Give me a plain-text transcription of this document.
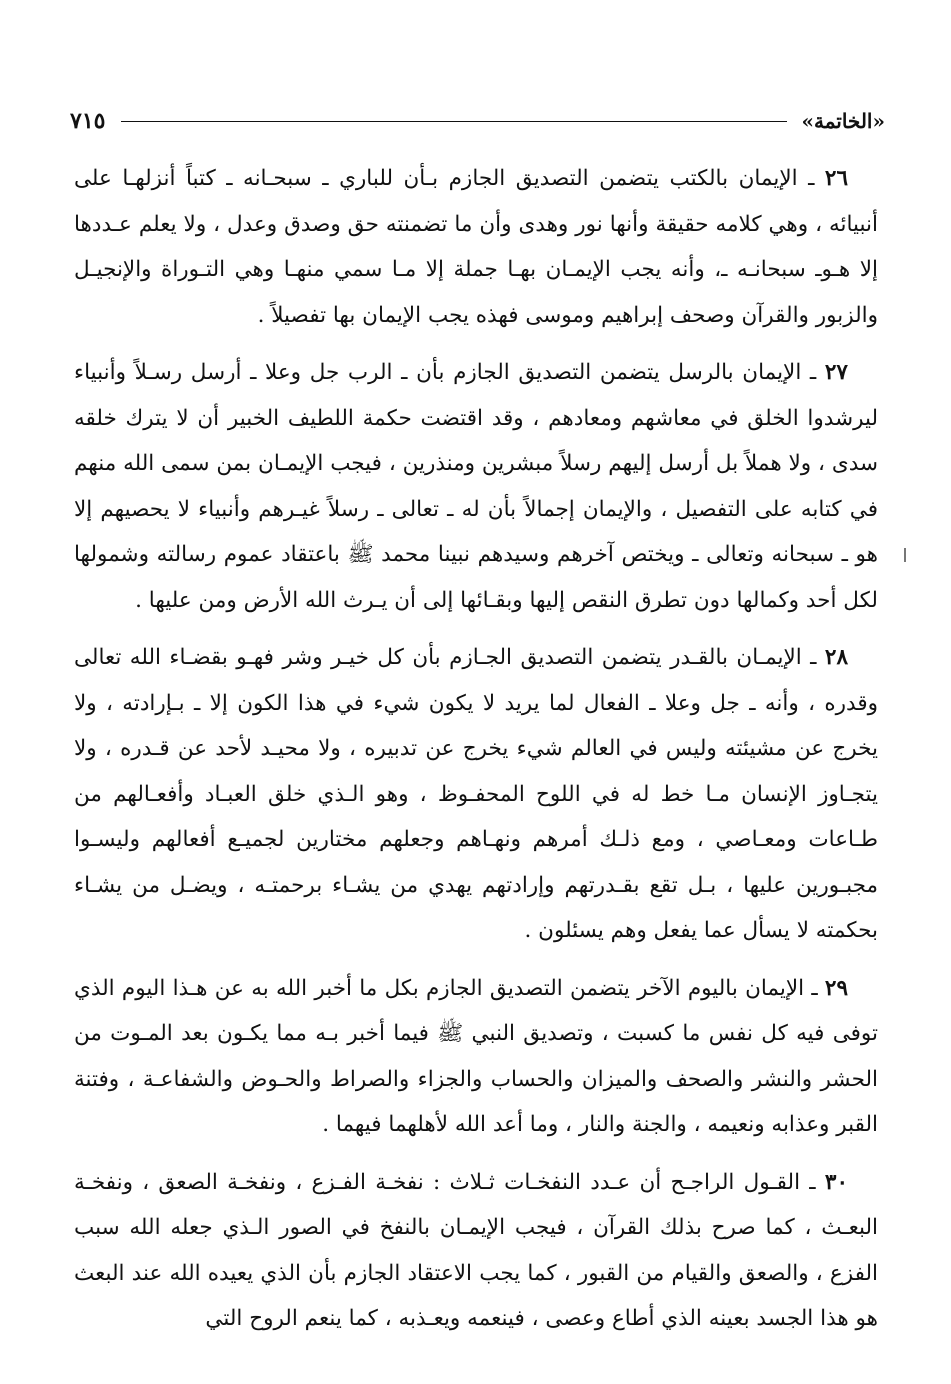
«الخاتمة»
٧١٥

٢٦ ـ الإيمان بالكتب يتضمن التصديق الجازم بـأن للباري ـ سبحـانه ـ كتباً أنزلهـا على أنبيائه ، وهي كلامه حقيقة وأنها نور وهدى وأن ما تضمنته حق وصدق وعدل ، ولا يعلم عـددها إلا هـوـ سبحانـه ـ، وأنه يجب الإيمـان بهـا جملة إلا مـا سمي منهـا وهي التـوراة والإنجيـل والزبور والقرآن وصحف إبراهيم وموسى فهذه يجب الإيمان بها تفصيلاً .

٢٧ ـ الإيمان بالرسل يتضمن التصديق الجازم بأن ـ الرب جل وعلا ـ أرسل رسـلاً وأنبياء ليرشدوا الخلق في معاشهم ومعادهم ، وقد اقتضت حكمة اللطيف الخبير أن لا يترك خلقه سدى ، ولا هملاً بل أرسل إليهم رسلاً مبشرين ومنذرين ، فيجب الإيمـان بمن سمى الله منهم في كتابه على التفصيل ، والإيمان إجمالاً بأن له ـ تعالى ـ رسلاً غيـرهم وأنبياء لا يحصيهم إلا هو ـ سبحانه وتعالى ـ ويختص آخرهم وسيدهم نبينا محمد ﷺ باعتقاد عموم رسالته وشمولها لكل أحد وكمالها دون تطرق النقص إليها وبقـائها إلى أن يـرث الله الأرض ومن عليها .

٢٨ ـ الإيمـان بالقـدر يتضمن التصديق الجـازم بأن كل خيـر وشر فهـو بقضـاء الله تعالى وقدره ، وأنه ـ جل وعلا ـ الفعال لما يريد لا يكون شيء في هذا الكون إلا ـ بـإرادته ، ولا يخرج عن مشيئته وليس في العالم شيء يخرج عن تدبيره ، ولا محيـد لأحد عن قـدره ، ولا يتجـاوز الإنسان مـا خط له في اللوح المحفـوظ ، وهو الـذي خلق العبـاد وأفعـالهم من طـاعات ومعـاصي ، ومع ذلـك أمرهم ونهـاهم وجعلهم مختارين لجميـع أفعالهم وليسـوا مجبـورين عليها ، بـل تقع بقـدرتهم وإرادتهم يهدي من يشـاء برحمتـه ، ويضـل من يشـاء بحكمته لا يسأل عما يفعل وهم يسئلون .

٢٩ ـ الإيمان باليوم الآخر يتضمن التصديق الجازم بكل ما أخبر الله به عن هـذا اليوم الذي توفى فيه كل نفس ما كسبت ، وتصديق النبي ﷺ فيما أخبر بـه مما يكـون بعد المـوت من الحشر والنشر والصحف والميزان والحساب والجزاء والصراط والحـوض والشفاعـة ، وفتنة القبر وعذابه ونعيمه ، والجنة والنار ، وما أعد الله لأهلهما فيهما .

٣٠ ـ القـول الراجـح أن عـدد النفخـات ثـلاث : نفخـة الفـزع ، ونفخـة الصعق ، ونفخـة البعـث ، كما صرح بذلك القرآن ، فيجب الإيمـان بالنفخ في الصور الـذي جعله الله سبب الفزع ، والصعق والقيام من القبور ، كما يجب الاعتقاد الجازم بأن الذي يعيده الله عند البعث هو هذا الجسد بعينه الذي أطاع وعصى ، فينعمه ويعـذبه ، كما ينعم الروح التي
